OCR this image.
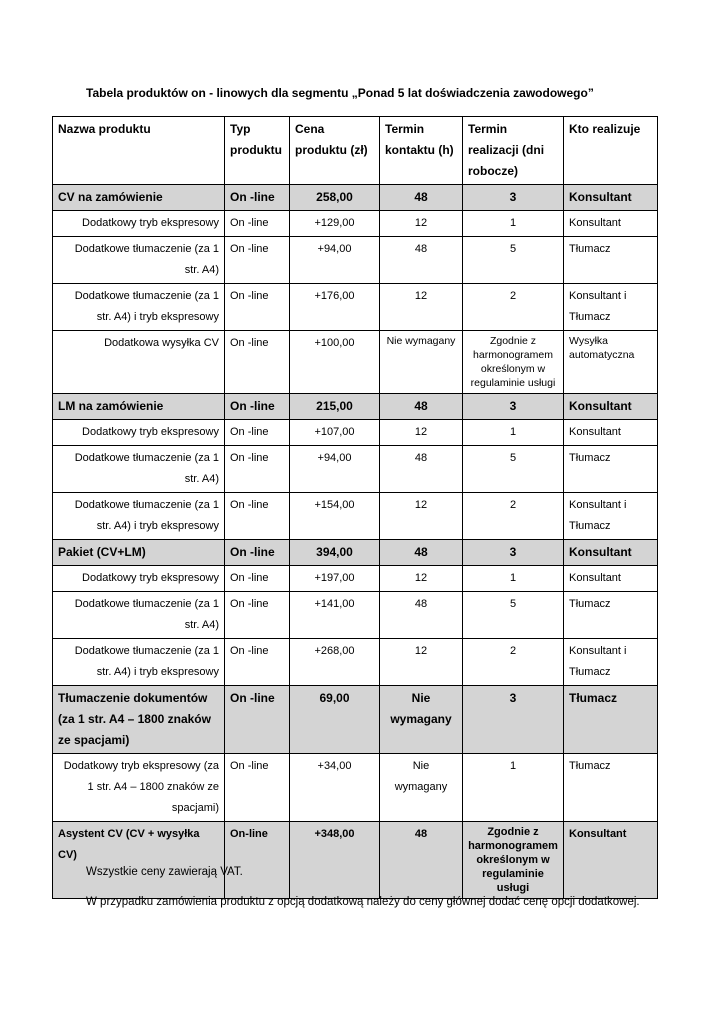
Tabela produktów on - linowych dla segmentu „Ponad 5 lat doświadczenia zawodowego”
Nazwa produktu	Typ produktu	Cena produktu (zł)	Termin kontaktu (h)	Termin realizacji (dni robocze)	Kto realizuje
CV na zamówienie	On -line	258,00	48	3	Konsultant
Dodatkowy tryb ekspresowy	On -line	+129,00	12	1	Konsultant
Dodatkowe tłumaczenie (za 1 str. A4)	On -line	+94,00	48	5	Tłumacz
Dodatkowe tłumaczenie (za 1 str. A4) i tryb ekspresowy	On -line	+176,00	12	2	Konsultant i Tłumacz
Dodatkowa wysyłka CV	On -line	+100,00	Nie wymagany	Zgodnie z harmonogramem określonym w regulaminie usługi	Wysyłka automatyczna
LM na zamówienie	On -line	215,00	48	3	Konsultant
Dodatkowy tryb ekspresowy	On -line	+107,00	12	1	Konsultant
Dodatkowe tłumaczenie (za 1 str. A4)	On -line	+94,00	48	5	Tłumacz
Dodatkowe tłumaczenie (za 1 str. A4) i tryb ekspresowy	On -line	+154,00	12	2	Konsultant i Tłumacz
Pakiet (CV+LM)	On -line	394,00	48	3	Konsultant
Dodatkowy tryb ekspresowy	On -line	+197,00	12	1	Konsultant
Dodatkowe tłumaczenie (za 1 str. A4)	On -line	+141,00	48	5	Tłumacz
Dodatkowe tłumaczenie (za 1 str. A4) i tryb ekspresowy	On -line	+268,00	12	2	Konsultant i Tłumacz
Tłumaczenie dokumentów (za 1 str. A4 – 1800 znaków ze spacjami)	On -line	69,00	Nie wymagany	3	Tłumacz
Dodatkowy tryb ekspresowy (za 1 str. A4 – 1800 znaków ze spacjami)	On -line	+34,00	Nie wymagany	1	Tłumacz
Asystent CV (CV + wysyłka CV)	On-line	+348,00	48	Zgodnie z harmonogramem określonym w regulaminie usługi	Konsultant
Wszystkie ceny zawierają VAT.
W przypadku zamówienia produktu z opcją dodatkową należy do ceny głównej dodać cenę opcji dodatkowej.
